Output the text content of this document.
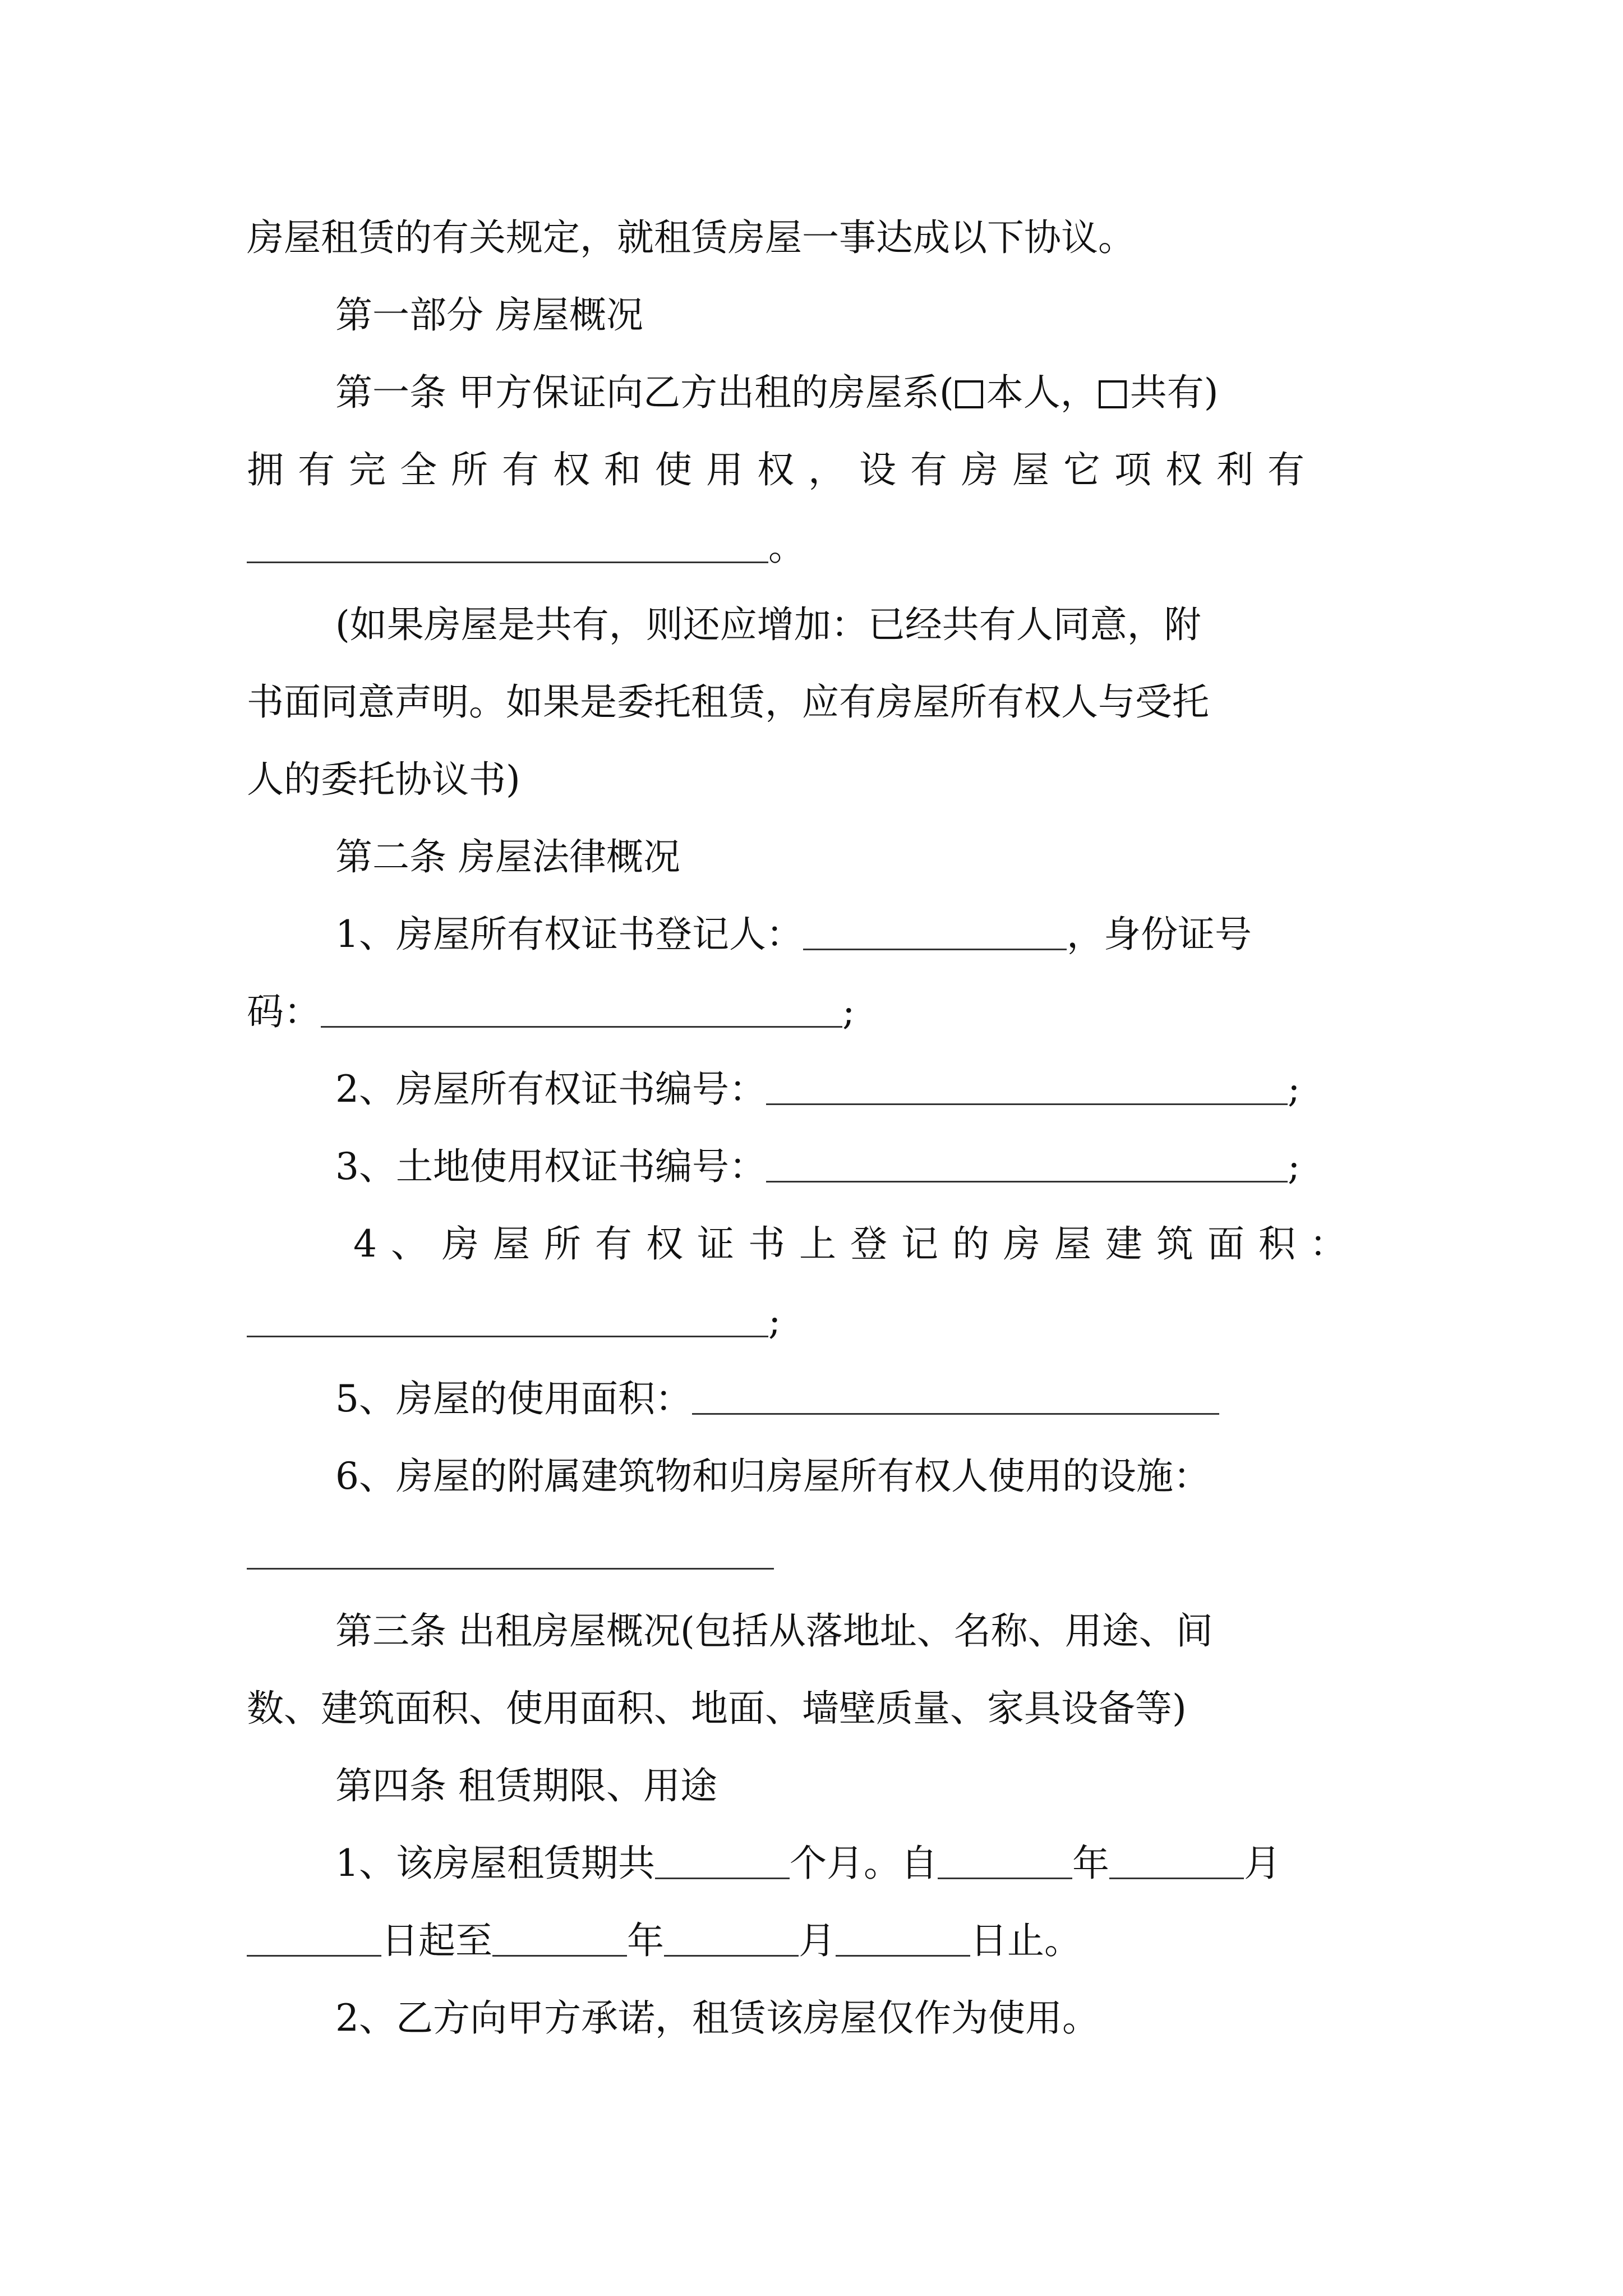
房屋租赁的有关规定，就租赁房屋一事达成以下协议。
第一部分 房屋概况
第一条 甲方保证向乙方出租的房屋系( 本人， 共有)
拥有完全所有权和使用权，设有房屋它项权利有
。
(如果房屋是共有，则还应增加：已经共有人同意，附
书面同意声明。如果是委托租赁，应有房屋所有权人与受托
人的委托协议书)
第二条 房屋法律概况
1、房屋所有权证书登记人：	，身份证号
码：	;
2、房屋所有权证书编号：	;
3、土地使用权证书编号：	;
4、房屋所有权证书上登记的房屋建筑面积：
;
5、房屋的使用面积：
6、房屋的附属建筑物和归房屋所有权人使用的设施：
第三条 出租房屋概况(包括从落地址、名称、用途、间
数、建筑面积、使用面积、地面、墙壁质量、家具设备等)
第四条 租赁期限、用途
1、该房屋租赁期共	个月。自	年	月
日起至	年	月	日止。
2、乙方向甲方承诺，租赁该房屋仅作为使用。
